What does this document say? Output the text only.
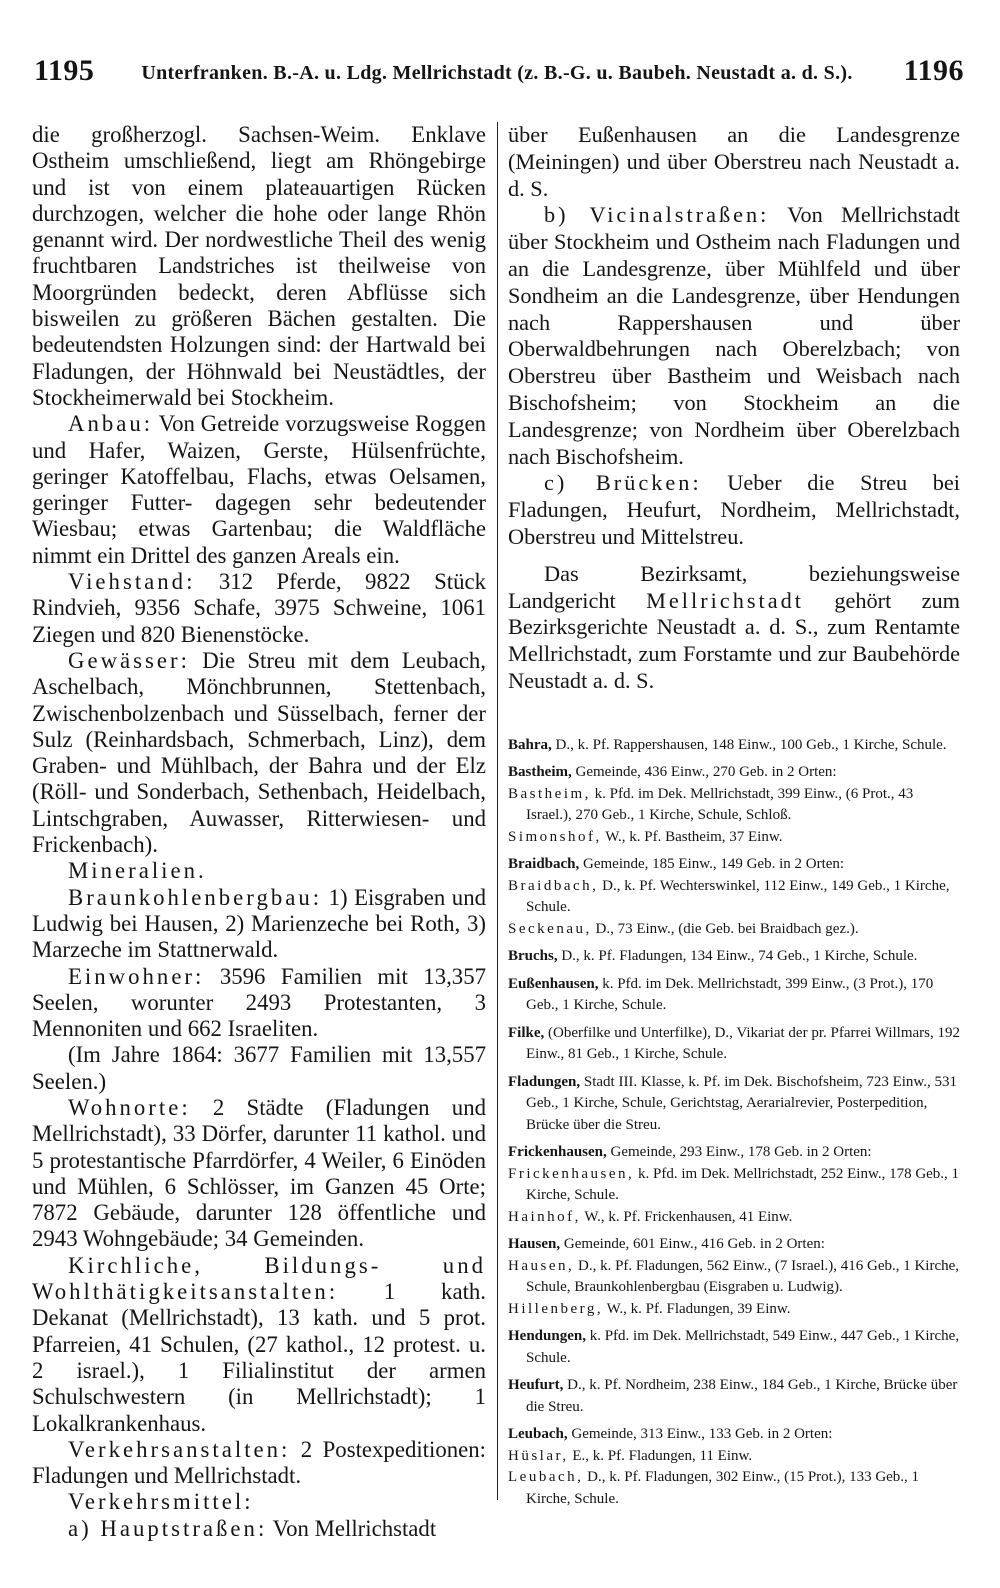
1195	Unterfranken. B.-A. u. Ldg. Mellrichstadt (z. B.-G. u. Baubeh. Neustadt a. d. S.).	1196

die großherzogl. Sachsen-Weim. Enklave Ostheim umschließend, liegt am Rhöngebirge und ist von einem plateauartigen Rücken durchzogen, welcher die hohe oder lange Rhön genannt wird. Der nordwestliche Theil des wenig fruchtbaren Landstriches ist theilweise von Moorgründen bedeckt, deren Abflüsse sich bisweilen zu größeren Bächen gestalten. Die bedeutendsten Holzungen sind: der Hartwald bei Fladungen, der Höhnwald bei Neustädtles, der Stockheimerwald bei Stockheim.

Anbau: Von Getreide vorzugsweise Roggen und Hafer, Waizen, Gerste, Hülsenfrüchte, geringer Katoffelbau, Flachs, etwas Oelsamen, geringer Futter- dagegen sehr bedeutender Wiesbau; etwas Gartenbau; die Waldfläche nimmt ein Drittel des ganzen Areals ein.

Viehstand: 312 Pferde, 9822 Stück Rindvieh, 9356 Schafe, 3975 Schweine, 1061 Ziegen und 820 Bienenstöcke.

Gewässer: Die Streu mit dem Leubach, Aschelbach, Mönchbrunnen, Stettenbach, Zwischenbolzenbach und Süsselbach, ferner der Sulz (Reinhardsbach, Schmerbach, Linz), dem Graben- und Mühlbach, der Bahra und der Elz (Röll- und Sonderbach, Sethenbach, Heidelbach, Lintschgraben, Auwasser, Ritterwiesen- und Frickenbach).

Mineralien.

Braunkohlenbergbau: 1) Eisgraben und Ludwig bei Hausen, 2) Marienzeche bei Roth, 3) Marzeche im Stattnerwald.

Einwohner: 3596 Familien mit 13,357 Seelen, worunter 2493 Protestanten, 3 Mennoniten und 662 Israeliten.

(Im Jahre 1864: 3677 Familien mit 13,557 Seelen.)

Wohnorte: 2 Städte (Fladungen und Mellrichstadt), 33 Dörfer, darunter 11 kathol. und 5 protestantische Pfarrdörfer, 4 Weiler, 6 Einöden und Mühlen, 6 Schlösser, im Ganzen 45 Orte; 7872 Gebäude, darunter 128 öffentliche und 2943 Wohngebäude; 34 Gemeinden.

Kirchliche, Bildungs- und Wohlthätigkeitsanstalten: 1 kath. Dekanat (Mellrichstadt), 13 kath. und 5 prot. Pfarreien, 41 Schulen, (27 kathol., 12 protest. u. 2 israel.), 1 Filialinstitut der armen Schulschwestern (in Mellrichstadt); 1 Lokalkrankenhaus.

Verkehrsanstalten: 2 Postexpeditionen: Fladungen und Mellrichstadt.

Verkehrsmittel:

a) Hauptstraßen: Von Mellrichstadt

über Eußenhausen an die Landesgrenze (Meiningen) und über Oberstreu nach Neustadt a. d. S.

b) Vicinalstraßen: Von Mellrichstadt über Stockheim und Ostheim nach Fladungen und an die Landesgrenze, über Mühlfeld und über Sondheim an die Landesgrenze, über Hendungen nach Rappershausen und über Oberwaldbehrungen nach Oberelzbach; von Oberstreu über Bastheim und Weisbach nach Bischofsheim; von Stockheim an die Landesgrenze; von Nordheim über Oberelzbach nach Bischofsheim.

c) Brücken: Ueber die Streu bei Fladungen, Heufurt, Nordheim, Mellrichstadt, Oberstreu und Mittelstreu.

Das Bezirksamt, beziehungsweise Landgericht Mellrichstadt gehört zum Bezirksgerichte Neustadt a. d. S., zum Rentamte Mellrichstadt, zum Forstamte und zur Baubehörde Neustadt a. d. S.

Bahra, D., k. Pf. Rappershausen, 148 Einw., 100 Geb., 1 Kirche, Schule.
Bastheim, Gemeinde, 436 Einw., 270 Geb. in 2 Orten:
Bastheim, k. Pfd. im Dek. Mellrichstadt, 399 Einw., (6 Prot., 43 Israel.), 270 Geb., 1 Kirche, Schule, Schloß.
Simonshof, W., k. Pf. Bastheim, 37 Einw.
Braidbach, Gemeinde, 185 Einw., 149 Geb. in 2 Orten:
Braidbach, D., k. Pf. Wechterswinkel, 112 Einw., 149 Geb., 1 Kirche, Schule.
Seckenau, D., 73 Einw., (die Geb. bei Braidbach gez.).
Bruchs, D., k. Pf. Fladungen, 134 Einw., 74 Geb., 1 Kirche, Schule.
Eußenhausen, k. Pfd. im Dek. Mellrichstadt, 399 Einw., (3 Prot.), 170 Geb., 1 Kirche, Schule.
Filke, (Oberfilke und Unterfilke), D., Vikariat der pr. Pfarrei Willmars, 192 Einw., 81 Geb., 1 Kirche, Schule.
Fladungen, Stadt III. Klasse, k. Pf. im Dek. Bischofsheim, 723 Einw., 531 Geb., 1 Kirche, Schule, Gerichtstag, Aerarialrevier, Posterpedition, Brücke über die Streu.
Frickenhausen, Gemeinde, 293 Einw., 178 Geb. in 2 Orten:
Frickenhausen, k. Pfd. im Dek. Mellrichstadt, 252 Einw., 178 Geb., 1 Kirche, Schule.
Hainhof, W., k. Pf. Frickenhausen, 41 Einw.
Hausen, Gemeinde, 601 Einw., 416 Geb. in 2 Orten:
Hausen, D., k. Pf. Fladungen, 562 Einw., (7 Israel.), 416 Geb., 1 Kirche, Schule, Braunkohlenbergbau (Eisgraben u. Ludwig).
Hillenberg, W., k. Pf. Fladungen, 39 Einw.
Hendungen, k. Pfd. im Dek. Mellrichstadt, 549 Einw., 447 Geb., 1 Kirche, Schule.
Heufurt, D., k. Pf. Nordheim, 238 Einw., 184 Geb., 1 Kirche, Brücke über die Streu.
Leubach, Gemeinde, 313 Einw., 133 Geb. in 2 Orten:
Hüslar, E., k. Pf. Fladungen, 11 Einw.
Leubach, D., k. Pf. Fladungen, 302 Einw., (15 Prot.), 133 Geb., 1 Kirche, Schule.
